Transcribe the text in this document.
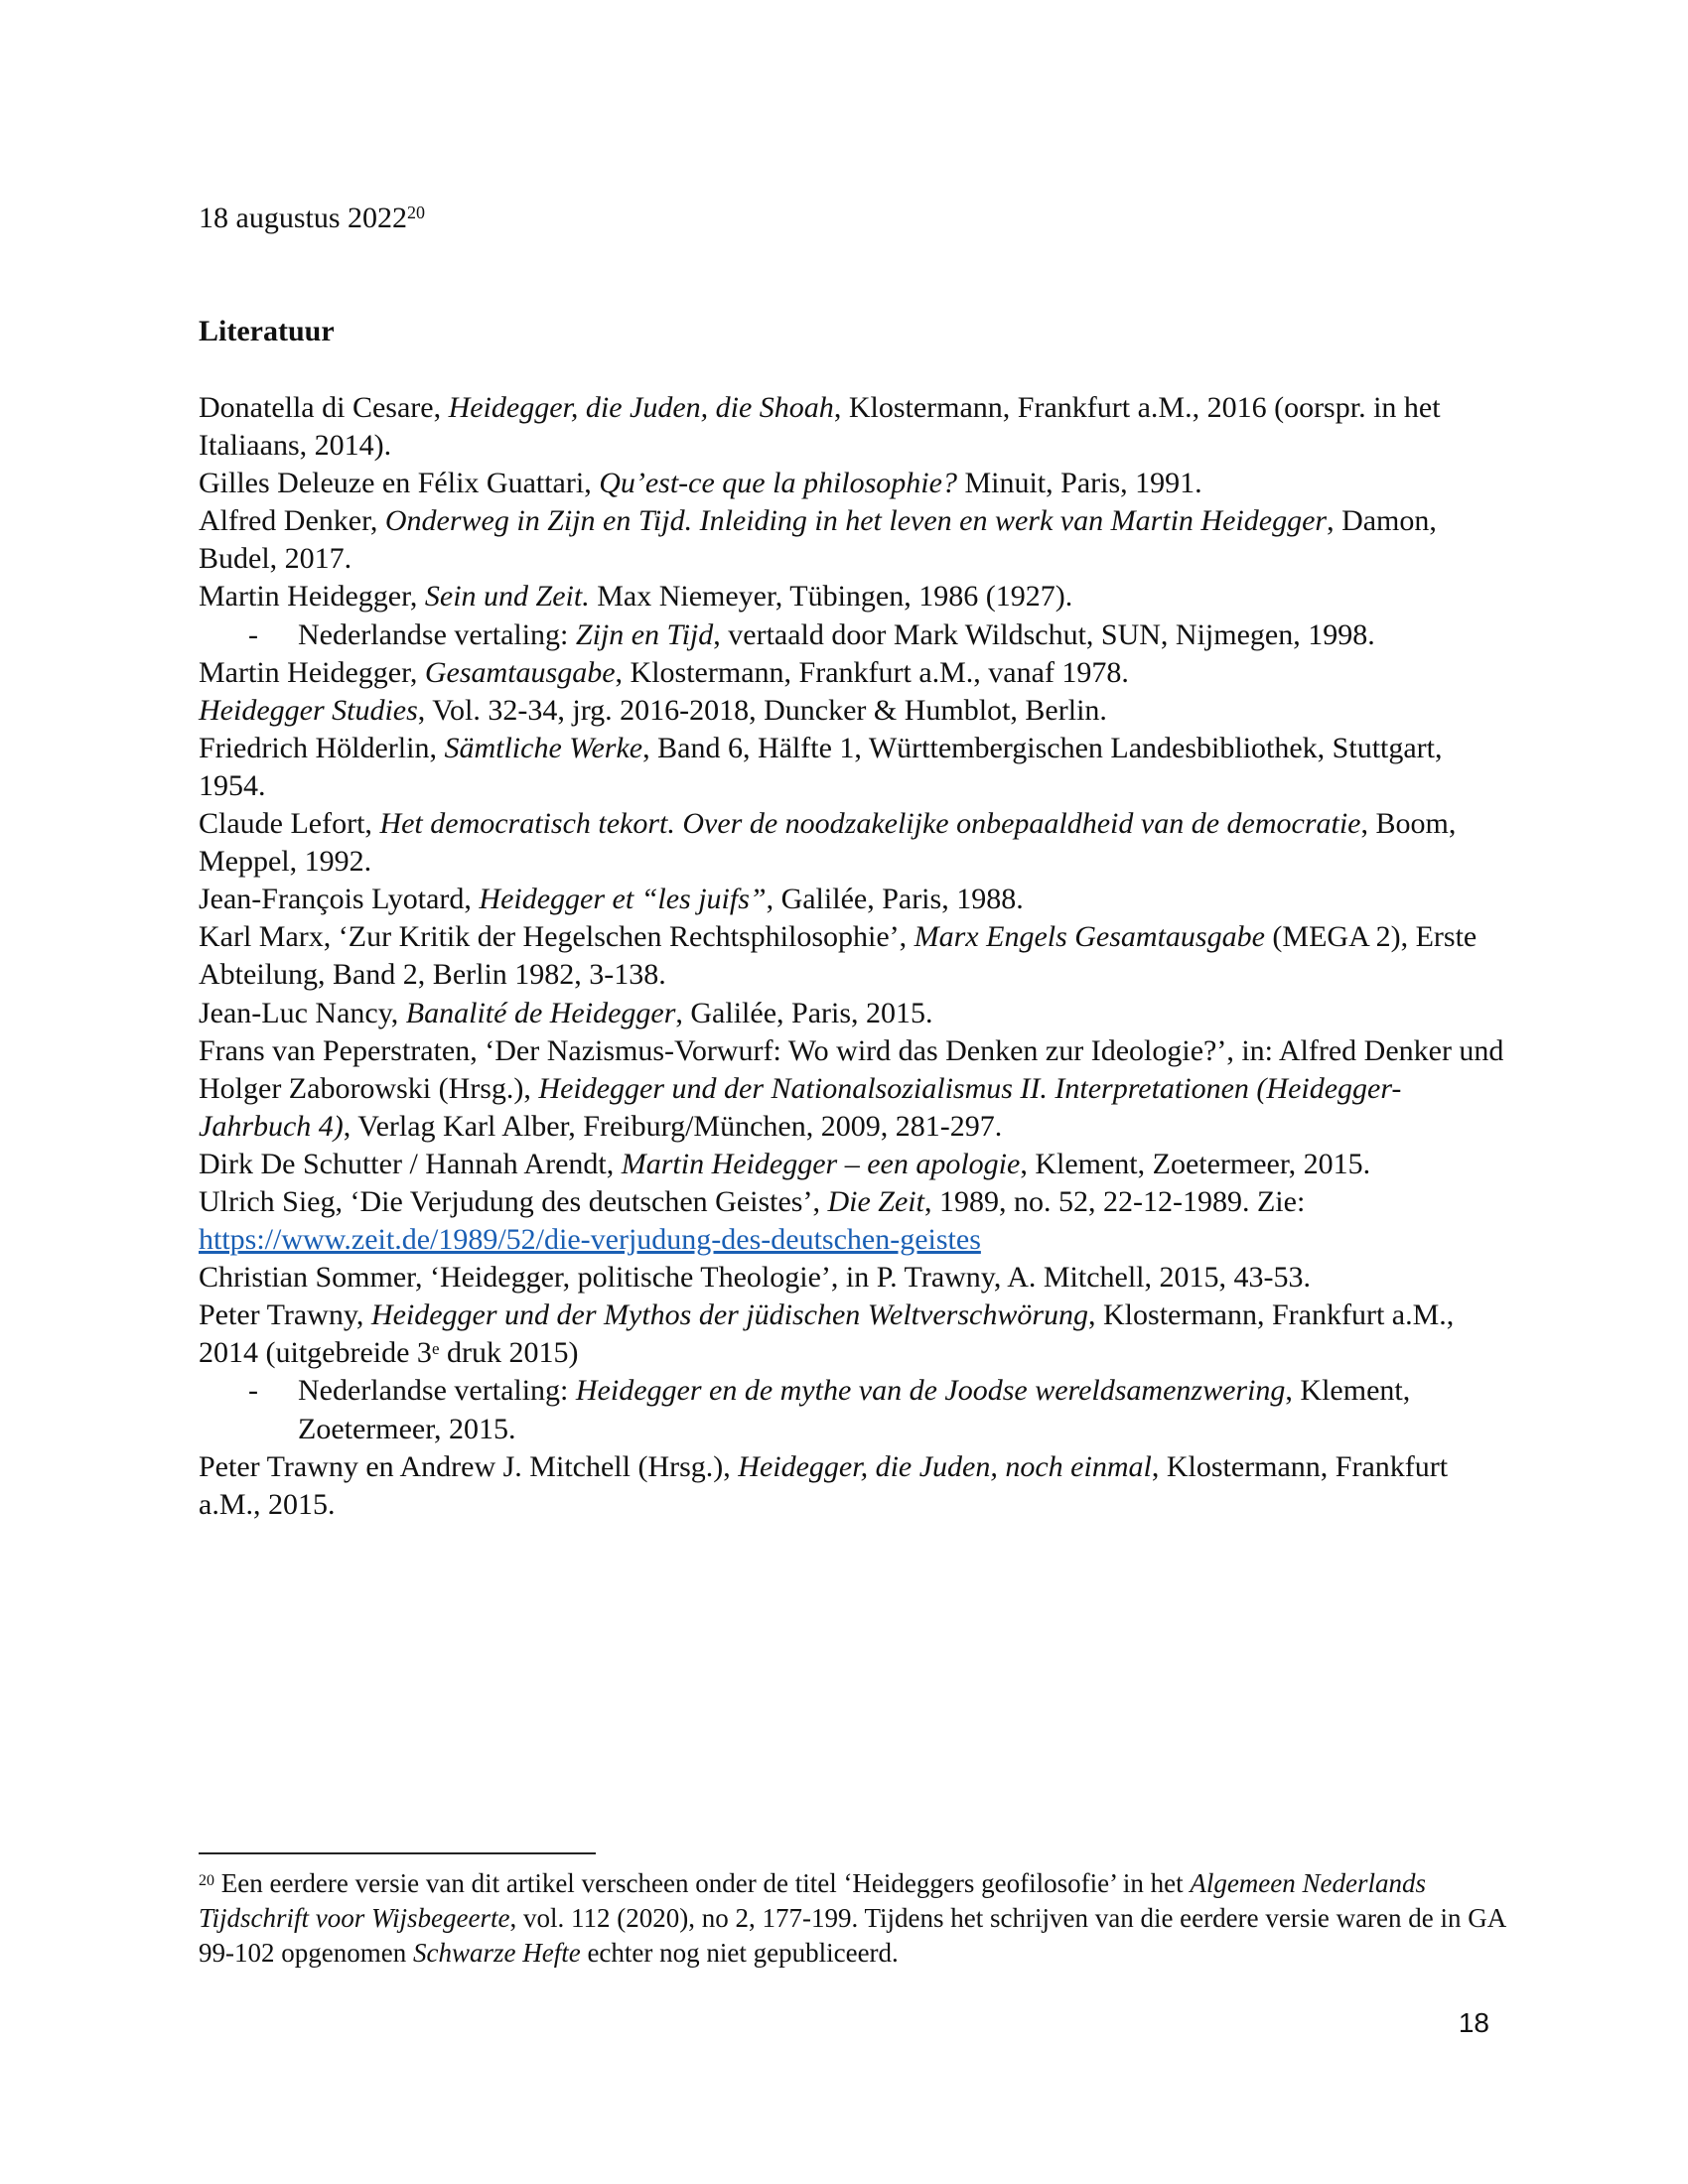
18 augustus 2022$^{20}$
Literatuur

Donatella di Cesare, Heidegger, die Juden, die Shoah, Klostermann, Frankfurt a.M., 2016 (oorspr. in het Italiaans, 2014).

Gilles Deleuze en Félix Guattari, Qu’est-ce que la philosophie? Minuit, Paris, 1991.

Alfred Denker, Onderweg in Zijn en Tijd. Inleiding in het leven en werk van Martin Heidegger, Damon, Budel, 2017.

Martin Heidegger, Sein und Zeit. Max Niemeyer, Tübingen, 1986 (1927).

- Nederlandse vertaling: Zijn en Tijd, vertaald door Mark Wildschut, SUN, Nijmegen, 1998.

Martin Heidegger, Gesamtausgabe, Klostermann, Frankfurt a.M., vanaf 1978.

Heidegger Studies, Vol. 32-34, jrg. 2016-2018, Duncker & Humblot, Berlin.

Friedrich Hölderlin, Sämtliche Werke, Band 6, Hälfte 1, Württembergischen Landesbibliothek, Stuttgart, 1954.

Claude Lefort, Het democratisch tekort. Over de noodzakelijke onbepaaldheid van de democratie, Boom, Meppel, 1992.

Jean-François Lyotard, Heidegger et “les juifs”, Galilée, Paris, 1988.

Karl Marx, ‘Zur Kritik der Hegelschen Rechtsphilosophie’, Marx Engels Gesamtausgabe (MEGA 2), Erste Abteilung, Band 2, Berlin 1982, 3-138.

Jean-Luc Nancy, Banalité de Heidegger, Galilée, Paris, 2015.

Frans van Peperstraten, ‘Der Nazismus-Vorwurf: Wo wird das Denken zur Ideologie?’, in: Alfred Denker und Holger Zaborowski (Hrsg.), Heidegger und der Nationalsozialismus II. Interpretationen (Heidegger-Jahrbuch 4), Verlag Karl Alber, Freiburg/München, 2009, 281-297.

Dirk De Schutter / Hannah Arendt, Martin Heidegger – een apologie, Klement, Zoetermeer, 2015.

Ulrich Sieg, ‘Die Verjudung des deutschen Geistes’, Die Zeit, 1989, no. 52, 22-12-1989. Zie: https://www.zeit.de/1989/52/die-verjudung-des-deutschen-geistes

Christian Sommer, ‘Heidegger, politische Theologie’, in P. Trawny, A. Mitchell, 2015, 43-53.

Peter Trawny, Heidegger und der Mythos der jüdischen Weltverschwörung, Klostermann, Frankfurt a.M., 2014 (uitgebreide 3e druk 2015)

- Nederlandse vertaling: Heidegger en de mythe van de Joodse wereldsamenzwering, Klement, Zoetermeer, 2015.

Peter Trawny en Andrew J. Mitchell (Hrsg.), Heidegger, die Juden, noch einmal, Klostermann, Frankfurt a.M., 2015.

$^{20}$ Een eerdere versie van dit artikel verscheen onder de titel ‘Heideggers geofilosofie’ in het Algemeen Nederlands Tijdschrift voor Wijsbegeerte, vol. 112 (2020), no 2, 177-199. Tijdens het schrijven van die eerdere versie waren de in GA 99-102 opgenomen Schwarze Hefte echter nog niet gepubliceerd.
18
